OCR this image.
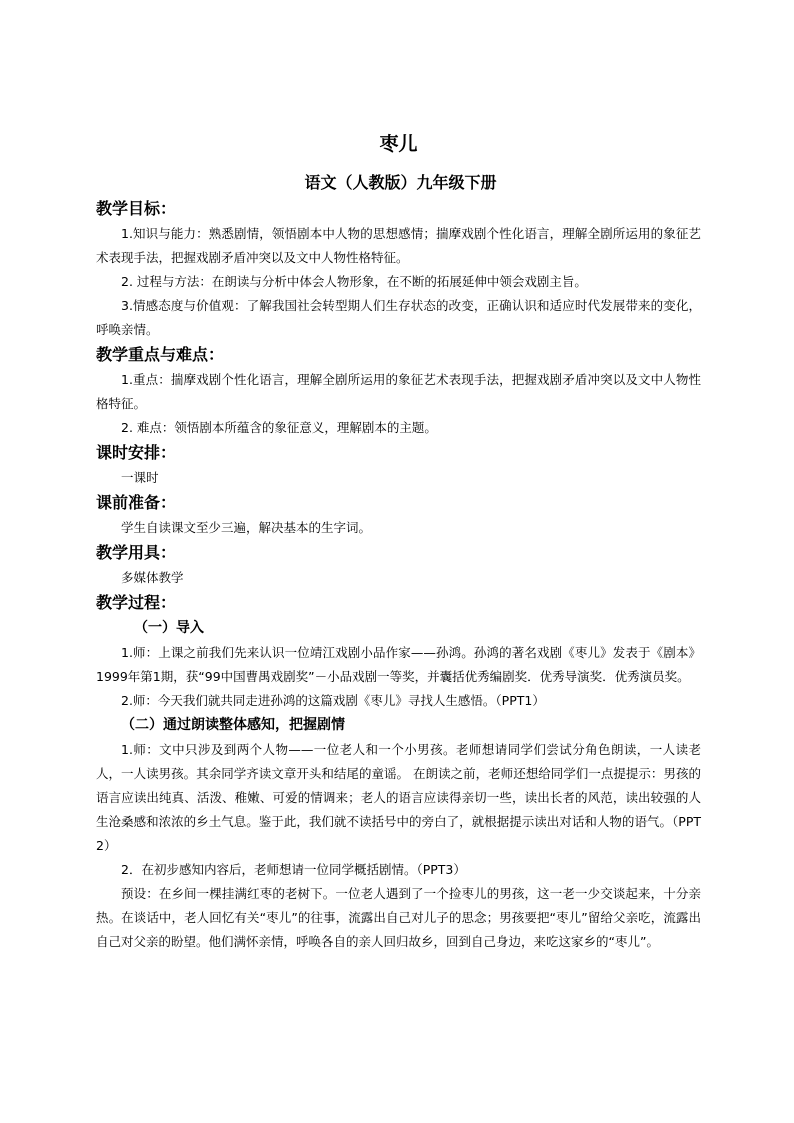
枣儿
语文（人教版）九年级下册
教学目标：

1.知识与能力：熟悉剧情，领悟剧本中人物的思想感情；揣摩戏剧个性化语言，理解全剧所运用的象征艺术表现手法，把握戏剧矛盾冲突以及文中人物性格特征。

2. 过程与方法：在朗读与分析中体会人物形象，在不断的拓展延伸中领会戏剧主旨。

3.情感态度与价值观：了解我国社会转型期人们生存状态的改变，正确认识和适应时代发展带来的变化，呼唤亲情。

教学重点与难点：

1.重点：揣摩戏剧个性化语言，理解全剧所运用的象征艺术表现手法，把握戏剧矛盾冲突以及文中人物性格特征。

2. 难点：领悟剧本所蕴含的象征意义，理解剧本的主题。

课时安排：

一课时

课前准备：

学生自读课文至少三遍，解决基本的生字词。

教学用具：

多媒体教学

教学过程：
（一）导入

1.师：上课之前我们先来认识一位靖江戏剧小品作家——孙鸿。孙鸿的著名戏剧《枣儿》发表于《剧本》1999年第1期，获“99中国曹禺戏剧奖”－小品戏剧一等奖，并囊括优秀编剧奖．优秀导演奖．优秀演员奖。

2.师：今天我们就共同走进孙鸿的这篇戏剧《枣儿》寻找人生感悟。（PPT1）

（二）通过朗读整体感知，把握剧情

1.师：文中只涉及到两个人物——一位老人和一个小男孩。老师想请同学们尝试分角色朗读，一人读老人，一人读男孩。其余同学齐读文章开头和结尾的童谣。 在朗读之前，老师还想给同学们一点提提示：男孩的语言应读出纯真、活泼、稚嫩、可爱的情调来；老人的语言应读得亲切一些，读出长者的风范，读出较强的人生沧桑感和浓浓的乡土气息。鉴于此，我们就不读括号中的旁白了，就根据提示读出对话和人物的语气。（PPT 2）

2．在初步感知内容后，老师想请一位同学概括剧情。（PPT3）

预设：在乡间一棵挂满红枣的老树下。一位老人遇到了一个捡枣儿的男孩，这一老一少交谈起来，十分亲热。在谈话中，老人回忆有关“枣儿”的往事，流露出自己对儿子的思念；男孩要把“枣儿”留给父亲吃，流露出自己对父亲的盼望。他们满怀亲情，呼唤各自的亲人回归故乡，回到自己身边，来吃这家乡的“枣儿”。
